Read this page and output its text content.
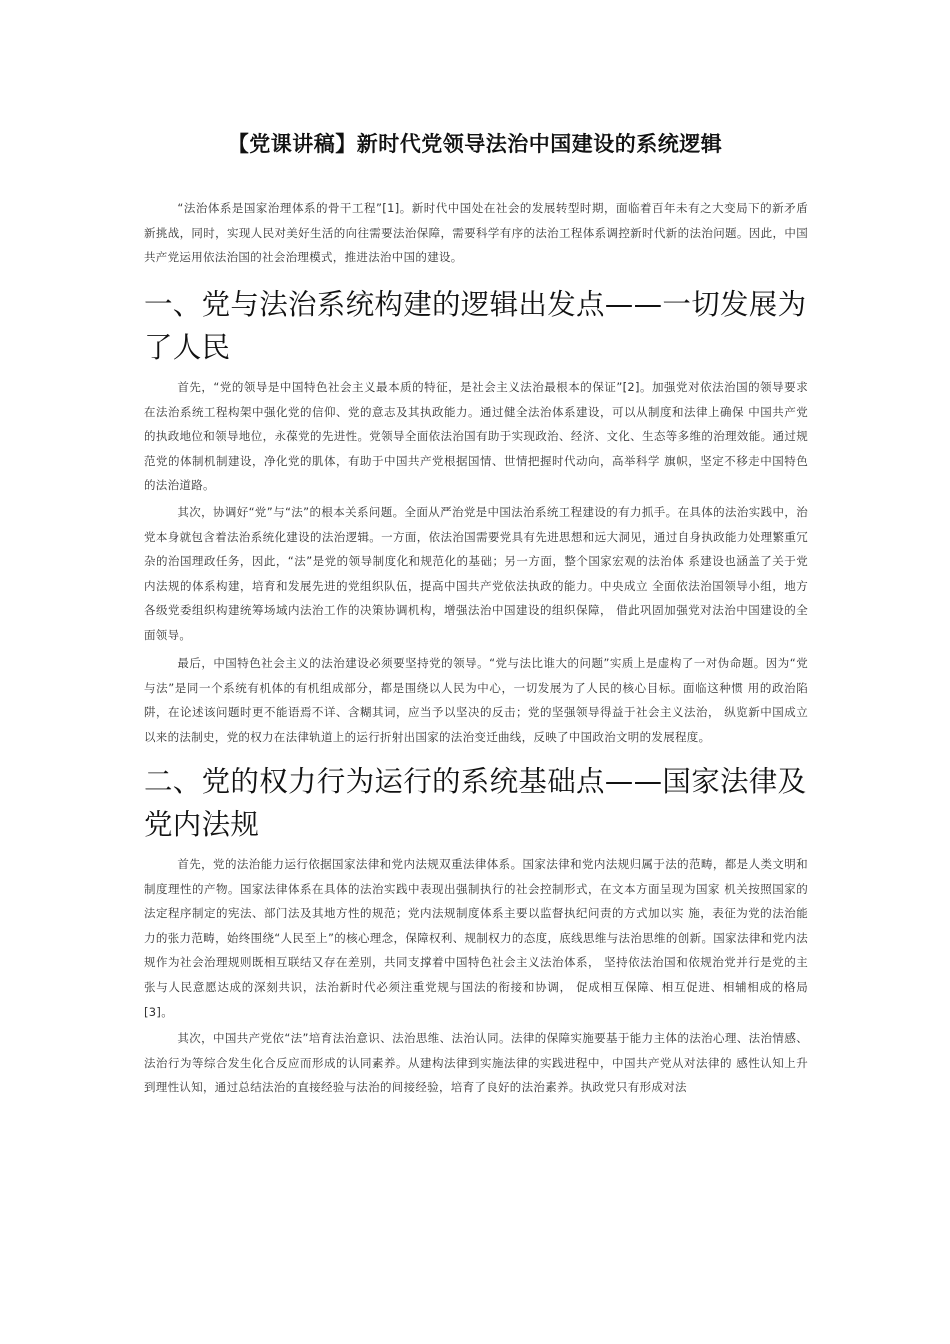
【党课讲稿】新时代党领导法治中国建设的系统逻辑

“法治体系是国家治理体系的骨干工程”[1]。新时代中国处在社会的发展转型时期，面临着百年未有之大变局下的新矛盾新挑战，同时，实现人民对美好生活的向往需要法治保障，需要科学有序的法治工程体系调控新时代新的法治问题。因此，中国共产党运用依法治国的社会治理模式，推进法治中国的建设。

一、党与法治系统构建的逻辑出发点——一切发展为了人民

首先，“党的领导是中国特色社会主义最本质的特征，是社会主义法治最根本的保证”[2]。加强党对依法治国的领导要求在法治系统工程构架中强化党的信仰、党的意志及其执政能力。通过健全法治体系建设，可以从制度和法律上确保 中国共产党的执政地位和领导地位，永葆党的先进性。党领导全面依法治国有助于实现政治、经济、文化、生态等多维的治理效能。通过规范党的体制机制建设，净化党的肌体，有助于中国共产党根据国情、世情把握时代动向，高举科学 旗帜，坚定不移走中国特色的法治道路。

其次，协调好“党”与“法”的根本关系问题。全面从严治党是中国法治系统工程建设的有力抓手。在具体的法治实践中，治党本身就包含着法治系统化建设的法治逻辑。一方面，依法治国需要党具有先进思想和远大洞见，通过自身执政能力处理繁重冗杂的治国理政任务，因此，“法”是党的领导制度化和规范化的基础；另一方面，整个国家宏观的法治体 系建设也涵盖了关于党内法规的体系构建，培育和发展先进的党组织队伍，提高中国共产党依法执政的能力。中央成立 全面依法治国领导小组，地方各级党委组织构建统筹场域内法治工作的决策协调机构，增强法治中国建设的组织保障， 借此巩固加强党对法治中国建设的全面领导。

最后，中国特色社会主义的法治建设必须要坚持党的领导。“党与法比谁大的问题”实质上是虚构了一对伪命题。因为“党与法”是同一个系统有机体的有机组成部分，都是围绕以人民为中心，一切发展为了人民的核心目标。面临这种惯 用的政治陷阱，在论述该问题时更不能语焉不详、含糊其词，应当予以坚决的反击；党的坚强领导得益于社会主义法治， 纵览新中国成立以来的法制史，党的权力在法律轨道上的运行折射出国家的法治变迁曲线，反映了中国政治文明的发展程度。

二、党的权力行为运行的系统基础点——国家法律及党内法规

首先，党的法治能力运行依据国家法律和党内法规双重法律体系。国家法律和党内法规归属于法的范畴，都是人类文明和制度理性的产物。国家法律体系在具体的法治实践中表现出强制执行的社会控制形式，在文本方面呈现为国家 机关按照国家的法定程序制定的宪法、部门法及其地方性的规范；党内法规制度体系主要以监督执纪问责的方式加以实 施，表征为党的法治能力的张力范畴，始终围绕“人民至上”的核心理念，保障权利、规制权力的态度，底线思维与法治思维的创新。国家法律和党内法规作为社会治理规则既相互联结又存在差别，共同支撑着中国特色社会主义法治体系， 坚持依法治国和依规治党并行是党的主张与人民意愿达成的深刻共识，法治新时代必须注重党规与国法的衔接和协调， 促成相互保障、相互促进、相辅相成的格局[3]。

其次，中国共产党依“法”培育法治意识、法治思维、法治认同。法律的保障实施要基于能力主体的法治心理、法治情感、法治行为等综合发生化合反应而形成的认同素养。从建构法律到实施法律的实践进程中，中国共产党从对法律的 感性认知上升到理性认知，通过总结法治的直接经验与法治的间接经验，培育了良好的法治素养。执政党只有形成对法
